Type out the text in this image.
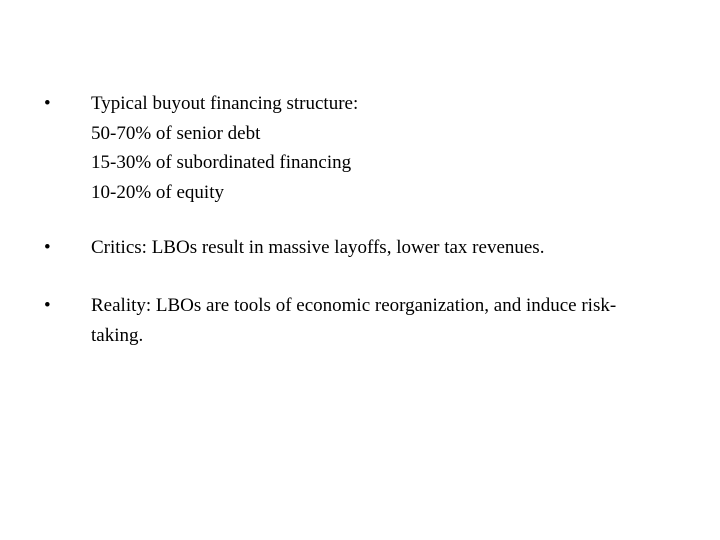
•	Typical buyout financing structure:
50-70% of senior debt
15-30% of subordinated financing
10-20% of equity
•	Critics: LBOs result in massive layoffs, lower tax revenues.
•	Reality: LBOs are tools of economic reorganization, and induce risk-taking.
